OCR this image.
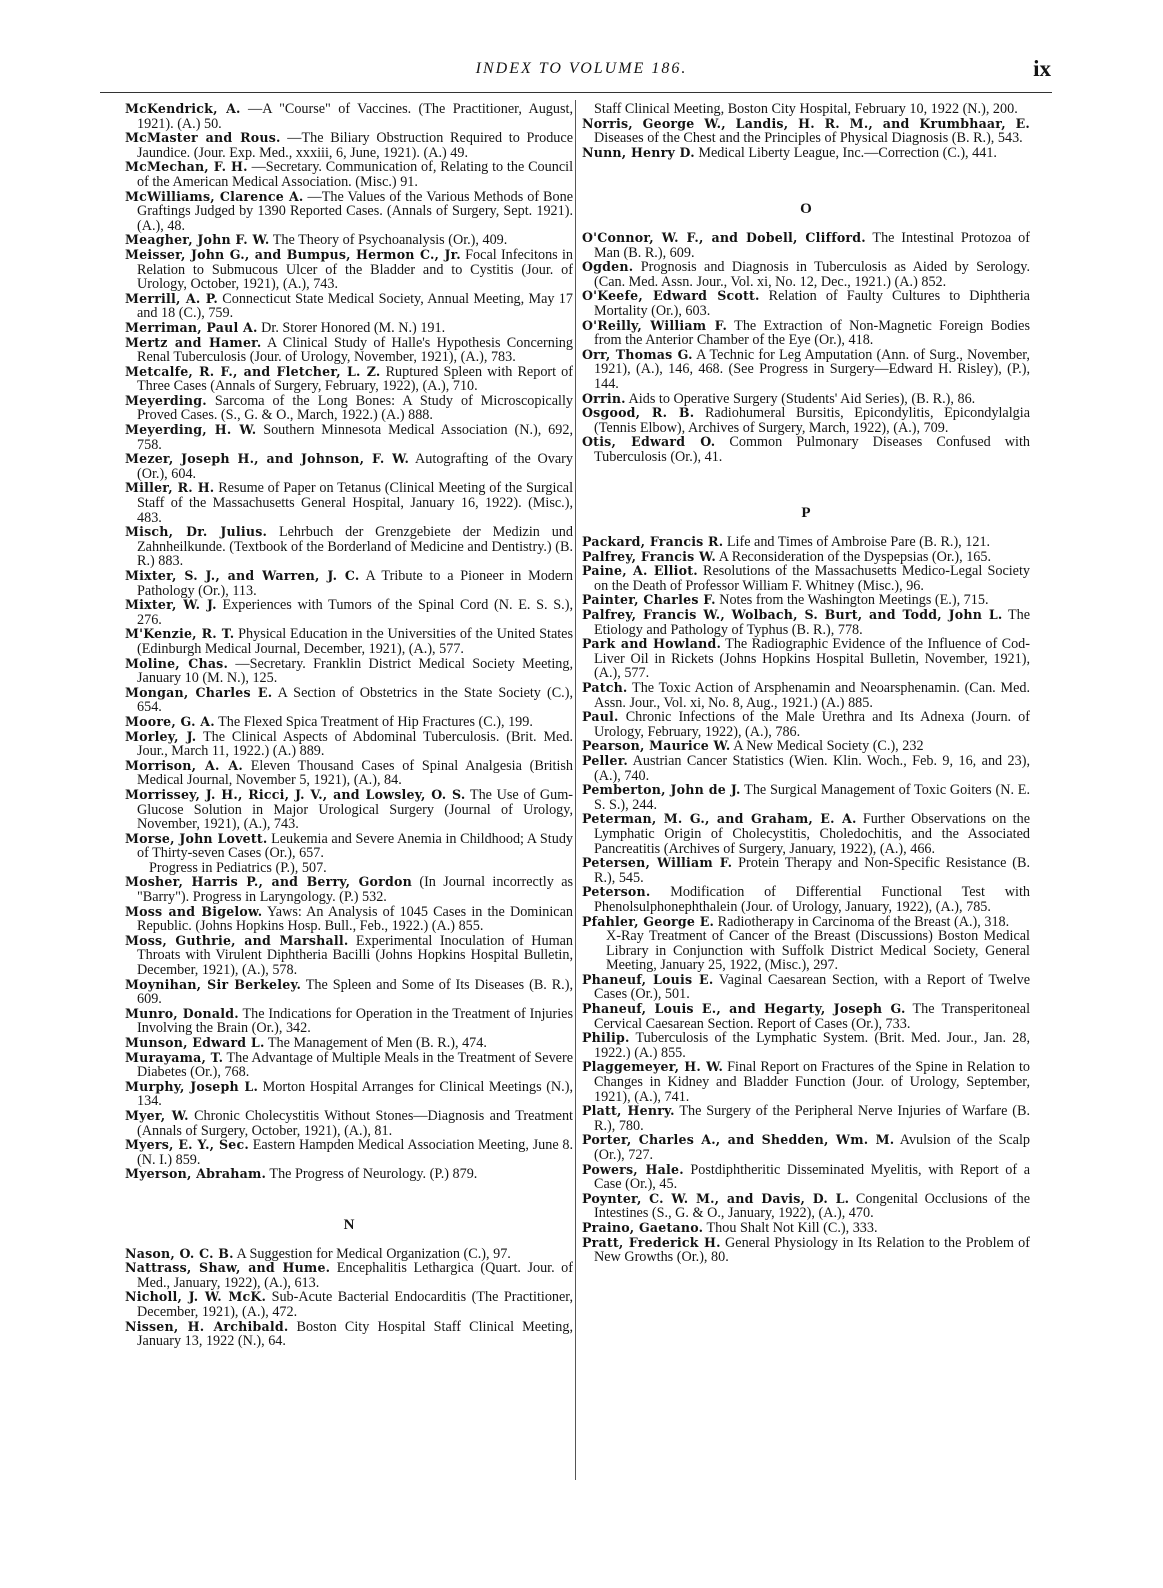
INDEX TO VOLUME 186.	ix

McKendrick, A. —A "Course" of Vaccines. (The Practitioner, August, 1921). (A.) 50.

McMaster and Rous. —The Biliary Obstruction Required to Produce Jaundice. (Jour. Exp. Med., xxxiii, 6, June, 1921). (A.) 49.

McMechan, F. H. —Secretary. Communication of, Relating to the Council of the American Medical Association. (Misc.) 91.

McWilliams, Clarence A. —The Values of the Various Methods of Bone Graftings Judged by 1390 Reported Cases. (Annals of Surgery, Sept. 1921). (A.), 48.

Meagher, John F. W. The Theory of Psychoanalysis (Or.), 409.

Meisser, John G., and Bumpus, Hermon C., Jr. Focal Infecitons in Relation to Submucous Ulcer of the Bladder and to Cystitis (Jour. of Urology, October, 1921), (A.), 743.

Merrill, A. P. Connecticut State Medical Society, Annual Meeting, May 17 and 18 (C.), 759.

Merriman, Paul A. Dr. Storer Honored (M. N.) 191.

Mertz and Hamer. A Clinical Study of Halle's Hypothesis Concerning Renal Tuberculosis (Jour. of Urology, November, 1921), (A.), 783.

Metcalfe, R. F., and Fletcher, L. Z. Ruptured Spleen with Report of Three Cases (Annals of Surgery, February, 1922), (A.), 710.

Meyerding. Sarcoma of the Long Bones: A Study of Microscopically Proved Cases. (S., G. & O., March, 1922.) (A.) 888.

Meyerding, H. W. Southern Minnesota Medical Association (N.), 692, 758.

Mezer, Joseph H., and Johnson, F. W. Autografting of the Ovary (Or.), 604.

Miller, R. H. Resume of Paper on Tetanus (Clinical Meeting of the Surgical Staff of the Massachusetts General Hospital, January 16, 1922). (Misc.), 483.

Misch, Dr. Julius. Lehrbuch der Grenzgebiete der Medizin und Zahnheilkunde. (Textbook of the Borderland of Medicine and Dentistry.) (B. R.) 883.

Mixter, S. J., and Warren, J. C. A Tribute to a Pioneer in Modern Pathology (Or.), 113.

Mixter, W. J. Experiences with Tumors of the Spinal Cord (N. E. S. S.), 276.

M'Kenzie, R. T. Physical Education in the Universities of the United States (Edinburgh Medical Journal, December, 1921), (A.), 577.

Moline, Chas. —Secretary. Franklin District Medical Society Meeting, January 10 (M. N.), 125.

Mongan, Charles E. A Section of Obstetrics in the State Society (C.), 654.

Moore, G. A. The Flexed Spica Treatment of Hip Fractures (C.), 199.

Morley, J. The Clinical Aspects of Abdominal Tuberculosis. (Brit. Med. Jour., March 11, 1922.) (A.) 889.

Morrison, A. A. Eleven Thousand Cases of Spinal Analgesia (British Medical Journal, November 5, 1921), (A.), 84.

Morrissey, J. H., Ricci, J. V., and Lowsley, O. S. The Use of Gum-Glucose Solution in Major Urological Surgery (Journal of Urology, November, 1921), (A.), 743.

Morse, John Lovett. Leukemia and Severe Anemia in Childhood; A Study of Thirty-seven Cases (Or.), 657.
Progress in Pediatrics (P.), 507.

Mosher, Harris P., and Berry, Gordon (In Journal incorrectly as "Barry"). Progress in Laryngology. (P.) 532.

Moss and Bigelow. Yaws: An Analysis of 1045 Cases in the Dominican Republic. (Johns Hopkins Hosp. Bull., Feb., 1922.) (A.) 855.

Moss, Guthrie, and Marshall. Experimental Inoculation of Human Throats with Virulent Diphtheria Bacilli (Johns Hopkins Hospital Bulletin, December, 1921), (A.), 578.

Moynihan, Sir Berkeley. The Spleen and Some of Its Diseases (B. R.), 609.

Munro, Donald. The Indications for Operation in the Treatment of Injuries Involving the Brain (Or.), 342.

Munson, Edward L. The Management of Men (B. R.), 474.

Murayama, T. The Advantage of Multiple Meals in the Treatment of Severe Diabetes (Or.), 768.

Murphy, Joseph L. Morton Hospital Arranges for Clinical Meetings (N.), 134.

Myer, W. Chronic Cholecystitis Without Stones—Diagnosis and Treatment (Annals of Surgery, October, 1921), (A.), 81.

Myers, E. Y., Sec. Eastern Hampden Medical Association Meeting, June 8. (N. I.) 859.

Myerson, Abraham. The Progress of Neurology. (P.) 879.

N

Nason, O. C. B. A Suggestion for Medical Organization (C.), 97.

Nattrass, Shaw, and Hume. Encephalitis Lethargica (Quart. Jour. of Med., January, 1922), (A.), 613.

Nicholl, J. W. McK. Sub-Acute Bacterial Endocarditis (The Practitioner, December, 1921), (A.), 472.

Nissen, H. Archibald. Boston City Hospital Staff Clinical Meeting, January 13, 1922 (N.), 64.

Staff Clinical Meeting, Boston City Hospital, February 10, 1922 (N.), 200.

Norris, George W., Landis, H. R. M., and Krumbhaar, E. Diseases of the Chest and the Principles of Physical Diagnosis (B. R.), 543.

Nunn, Henry D. Medical Liberty League, Inc.—Correction (C.), 441.

O

O'Connor, W. F., and Dobell, Clifford. The Intestinal Protozoa of Man (B. R.), 609.

Ogden. Prognosis and Diagnosis in Tuberculosis as Aided by Serology. (Can. Med. Assn. Jour., Vol. xi, No. 12, Dec., 1921.) (A.) 852.

O'Keefe, Edward Scott. Relation of Faulty Cultures to Diphtheria Mortality (Or.), 603.

O'Reilly, William F. The Extraction of Non-Magnetic Foreign Bodies from the Anterior Chamber of the Eye (Or.), 418.

Orr, Thomas G. A Technic for Leg Amputation (Ann. of Surg., November, 1921), (A.), 146, 468. (See Progress in Surgery—Edward H. Risley), (P.), 144.

Orrin. Aids to Operative Surgery (Students' Aid Series), (B. R.), 86.

Osgood, R. B. Radiohumeral Bursitis, Epicondylitis, Epicondylalgia (Tennis Elbow), Archives of Surgery, March, 1922), (A.), 709.

Otis, Edward O. Common Pulmonary Diseases Confused with Tuberculosis (Or.), 41.

P

Packard, Francis R. Life and Times of Ambroise Pare (B. R.), 121.

Palfrey, Francis W. A Reconsideration of the Dyspepsias (Or.), 165.

Paine, A. Elliot. Resolutions of the Massachusetts Medico-Legal Society on the Death of Professor William F. Whitney (Misc.), 96.

Painter, Charles F. Notes from the Washington Meetings (E.), 715.

Palfrey, Francis W., Wolbach, S. Burt, and Todd, John L. The Etiology and Pathology of Typhus (B. R.), 778.

Park and Howland. The Radiographic Evidence of the Influence of Cod-Liver Oil in Rickets (Johns Hopkins Hospital Bulletin, November, 1921), (A.), 577.

Patch. The Toxic Action of Arsphenamin and Neoarsphenamin. (Can. Med. Assn. Jour., Vol. xi, No. 8, Aug., 1921.) (A.) 885.

Paul. Chronic Infections of the Male Urethra and Its Adnexa (Journ. of Urology, February, 1922), (A.), 786.

Pearson, Maurice W. A New Medical Society (C.), 232

Peller. Austrian Cancer Statistics (Wien. Klin. Woch., Feb. 9, 16, and 23), (A.), 740.

Pemberton, John de J. The Surgical Management of Toxic Goiters (N. E. S. S.), 244.

Peterman, M. G., and Graham, E. A. Further Observations on the Lymphatic Origin of Cholecystitis, Choledochitis, and the Associated Pancreatitis (Archives of Surgery, January, 1922), (A.), 466.

Petersen, William F. Protein Therapy and Non-Specific Resistance (B. R.), 545.

Peterson. Modification of Differential Functional Test with Phenolsulphonephthalein (Jour. of Urology, January, 1922), (A.), 785.

Pfahler, George E. Radiotherapy in Carcinoma of the Breast (A.), 318.
X-Ray Treatment of Cancer of the Breast (Discussions) Boston Medical Library in Conjunction with Suffolk District Medical Society, General Meeting, January 25, 1922, (Misc.), 297.

Phaneuf, Louis E. Vaginal Caesarean Section, with a Report of Twelve Cases (Or.), 501.

Phaneuf, Louis E., and Hegarty, Joseph G. The Transperitoneal Cervical Caesarean Section. Report of Cases (Or.), 733.

Philip. Tuberculosis of the Lymphatic System. (Brit. Med. Jour., Jan. 28, 1922.) (A.) 855.

Plaggemeyer, H. W. Final Report on Fractures of the Spine in Relation to Changes in Kidney and Bladder Function (Jour. of Urology, September, 1921), (A.), 741.

Platt, Henry. The Surgery of the Peripheral Nerve Injuries of Warfare (B. R.), 780.

Porter, Charles A., and Shedden, Wm. M. Avulsion of the Scalp (Or.), 727.

Powers, Hale. Postdiphtheritic Disseminated Myelitis, with Report of a Case (Or.), 45.

Poynter, C. W. M., and Davis, D. L. Congenital Occlusions of the Intestines (S., G. & O., January, 1922), (A.), 470.

Praino, Gaetano. Thou Shalt Not Kill (C.), 333.

Pratt, Frederick H. General Physiology in Its Relation to the Problem of New Growths (Or.), 80.
